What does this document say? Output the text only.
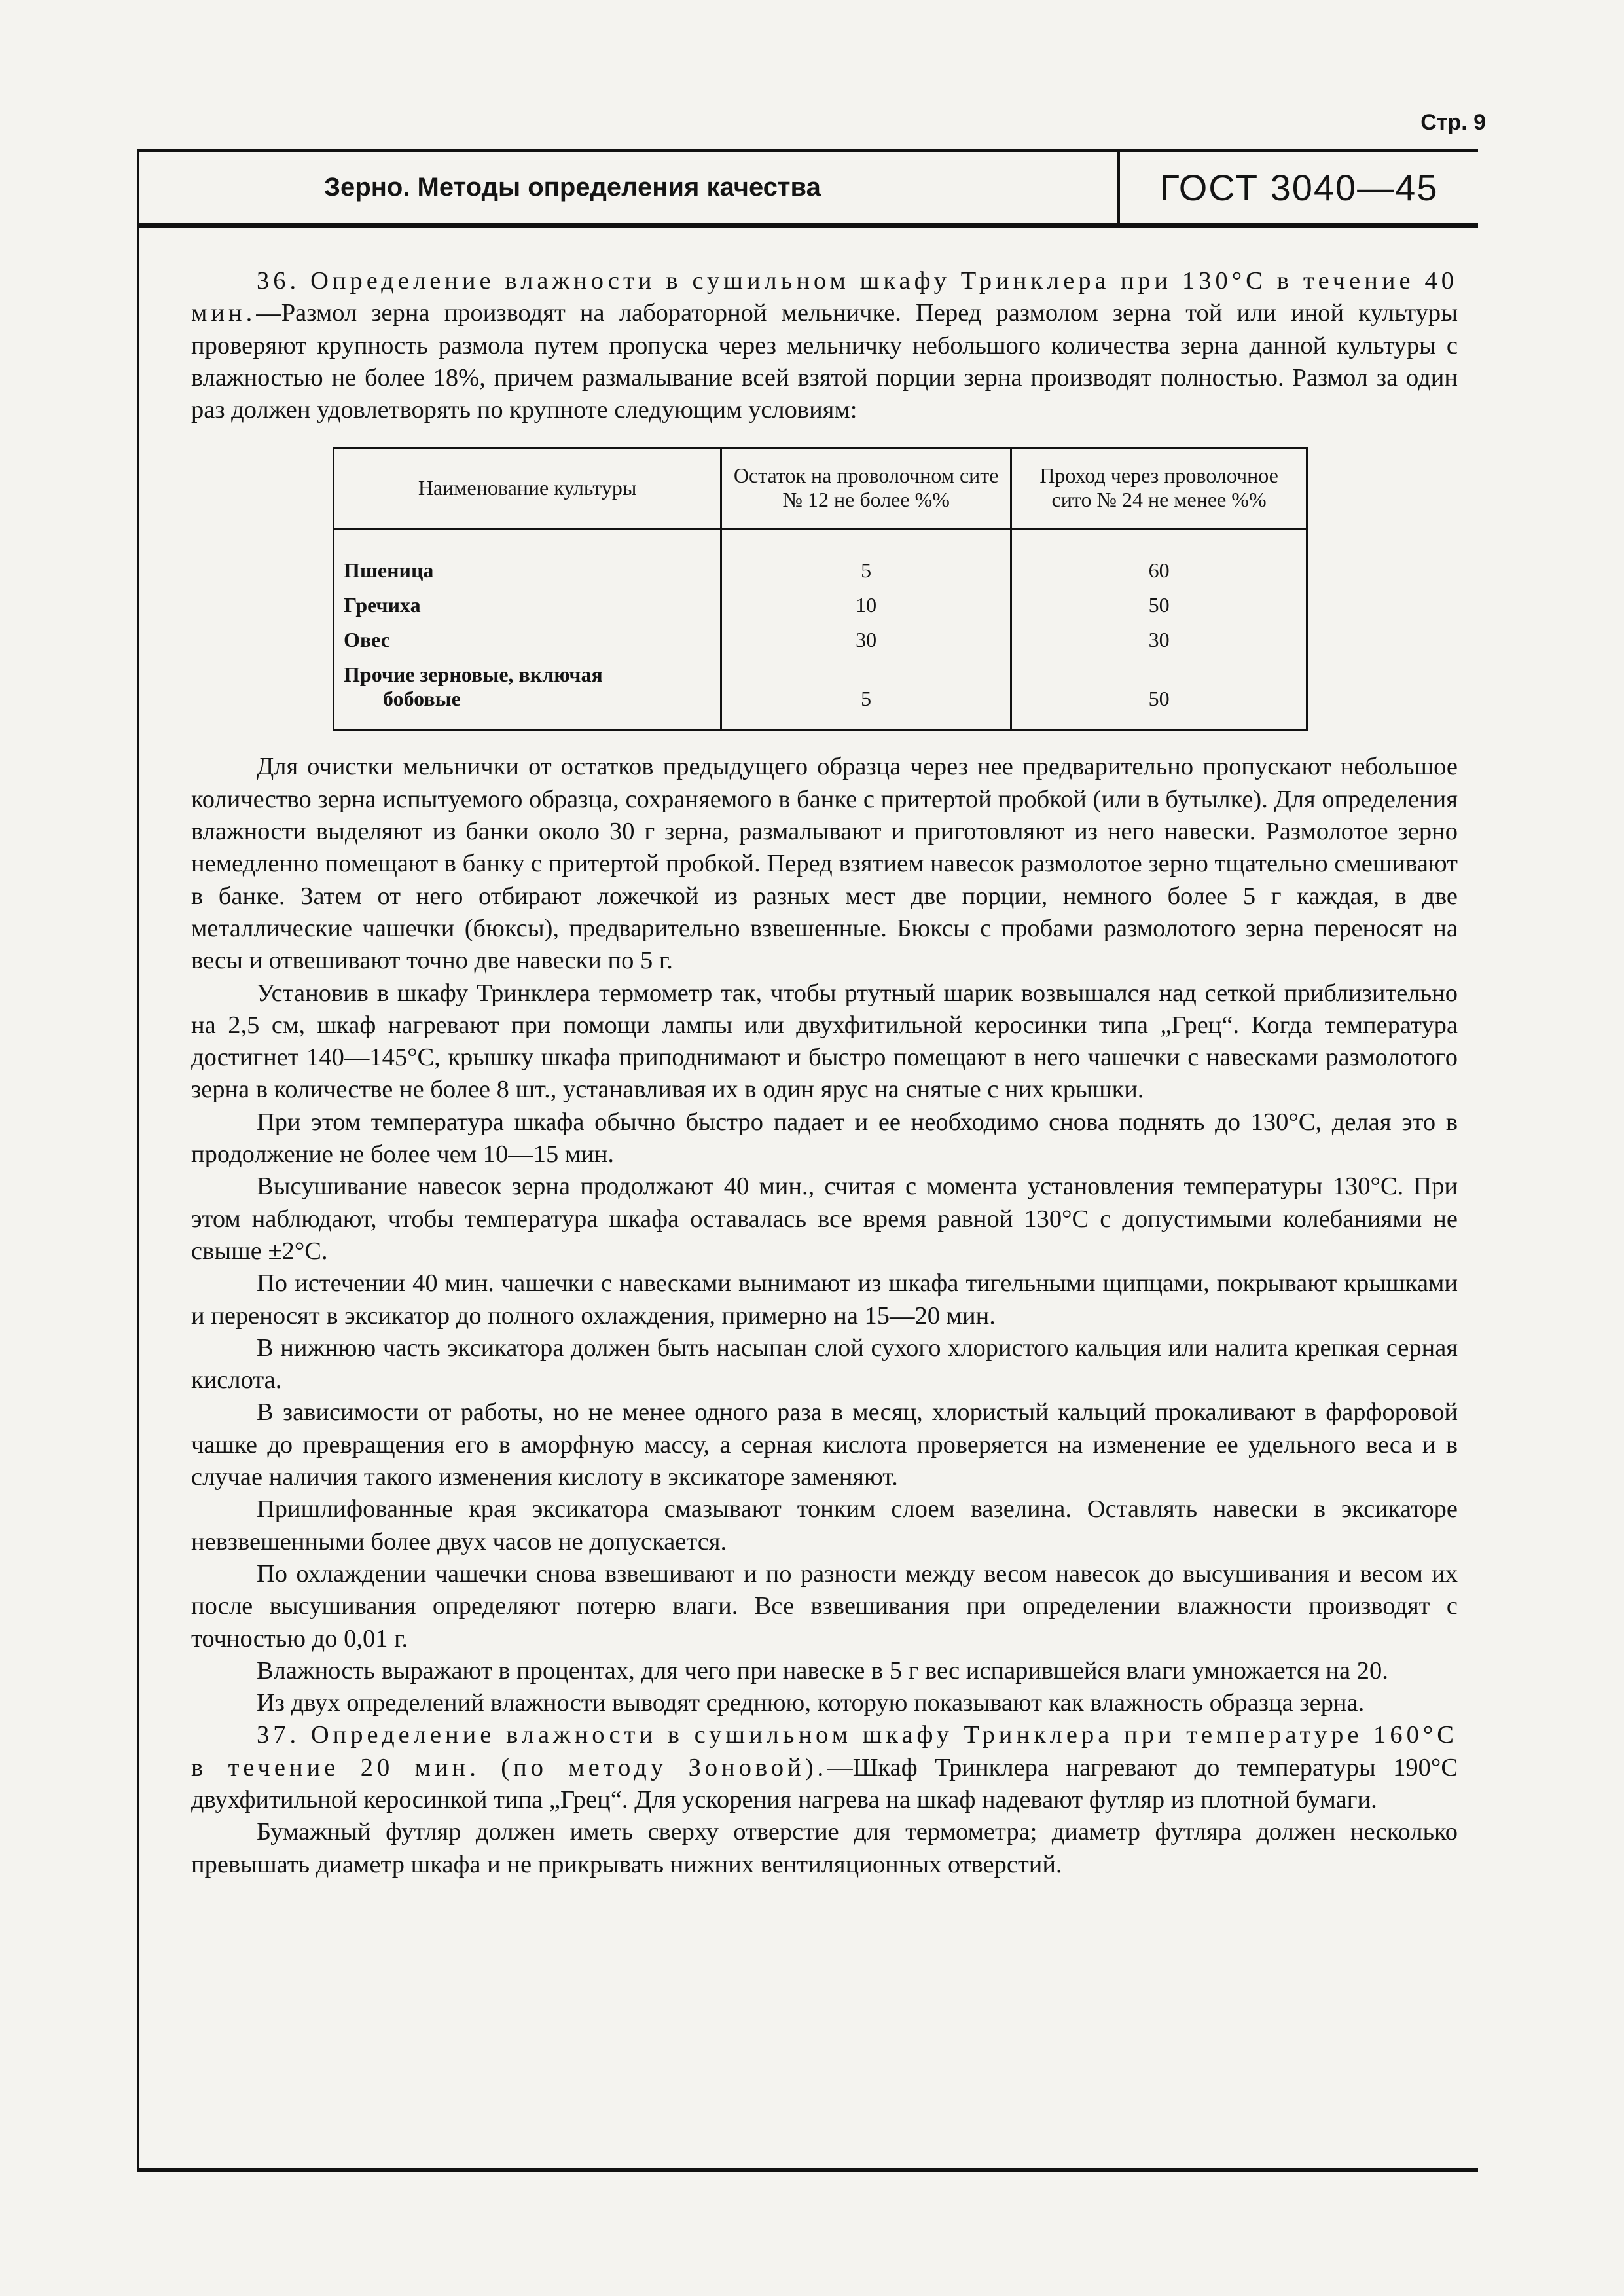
Стр. 9
Зерно. Методы определения качества	ГОСТ 3040—45

36. Определение влажности в сушильном шкафу Тринклера при 130°С в течение 40 мин.—Размол зерна производят на лабораторной мельничке. Перед размолом зерна той или иной культуры проверяют крупность размола путем пропуска через мельничку небольшого количества зерна данной культуры с влажностью не более 18%, причем размалывание всей взятой порции зерна производят полностью. Размол за один раз должен удовлетворять по крупноте следующим условиям:

Наименование культуры	Остаток на проволочном сите № 12 не более %%	Проход через проволочное сито № 24 не менее %%
Пшеница	5	60
Гречиха	10	50
Овес	30	30
Прочие зерновые, включая
бобовые	5	50

Для очистки мельнички от остатков предыдущего образца через нее предварительно пропускают небольшое количество зерна испытуемого образца, сохраняемого в банке с притертой пробкой (или в бутылке). Для определения влажности выделяют из банки около 30 г зерна, размалывают и приготовляют из него навески. Размолотое зерно немедленно помещают в банку с притертой пробкой. Перед взятием навесок размолотое зерно тщательно смешивают в банке. Затем от него отбирают ложечкой из разных мест две порции, немного более 5 г каждая, в две металлические чашечки (бюксы), предварительно взвешенные. Бюксы с пробами размолотого зерна переносят на весы и отвешивают точно две навески по 5 г.

Установив в шкафу Тринклера термометр так, чтобы ртутный шарик возвышался над сеткой приблизительно на 2,5 см, шкаф нагревают при помощи лампы или двухфитильной керосинки типа „Грец“. Когда температура достигнет 140—145°С, крышку шкафа приподнимают и быстро помещают в него чашечки с навесками размолотого зерна в количестве не более 8 шт., устанавливая их в один ярус на снятые с них крышки.

При этом температура шкафа обычно быстро падает и ее необходимо снова поднять до 130°С, делая это в продолжение не более чем 10—15 мин.

Высушивание навесок зерна продолжают 40 мин., считая с момента установления температуры 130°С. При этом наблюдают, чтобы температура шкафа оставалась все время равной 130°С с допустимыми колебаниями не свыше ±2°С.

По истечении 40 мин. чашечки с навесками вынимают из шкафа тигельными щипцами, покрывают крышками и переносят в эксикатор до полного охлаждения, примерно на 15—20 мин.

В нижнюю часть эксикатора должен быть насыпан слой сухого хлористого кальция или налита крепкая серная кислота.

В зависимости от работы, но не менее одного раза в месяц, хлористый кальций прокаливают в фарфоровой чашке до превращения его в аморфную массу, а серная кислота проверяется на изменение ее удельного веса и в случае наличия такого изменения кислоту в эксикаторе заменяют.

Пришлифованные края эксикатора смазывают тонким слоем вазелина. Оставлять навески в эксикаторе невзвешенными более двух часов не допускается.

По охлаждении чашечки снова взвешивают и по разности между весом навесок до высушивания и весом их после высушивания определяют потерю влаги. Все взвешивания при определении влажности производят с точностью до 0,01 г.

Влажность выражают в процентах, для чего при навеске в 5 г вес испарившейся влаги умножается на 20.

Из двух определений влажности выводят среднюю, которую показывают как влажность образца зерна.

37. Определение влажности в сушильном шкафу Тринклера при температуре 160°С в течение 20 мин. (по методу Зоновой).—Шкаф Тринклера нагревают до температуры 190°С двухфитильной керосинкой типа „Грец“. Для ускорения нагрева на шкаф надевают футляр из плотной бумаги.

Бумажный футляр должен иметь сверху отверстие для термометра; диаметр футляра должен несколько превышать диаметр шкафа и не прикрывать нижних вентиляционных отверстий.
